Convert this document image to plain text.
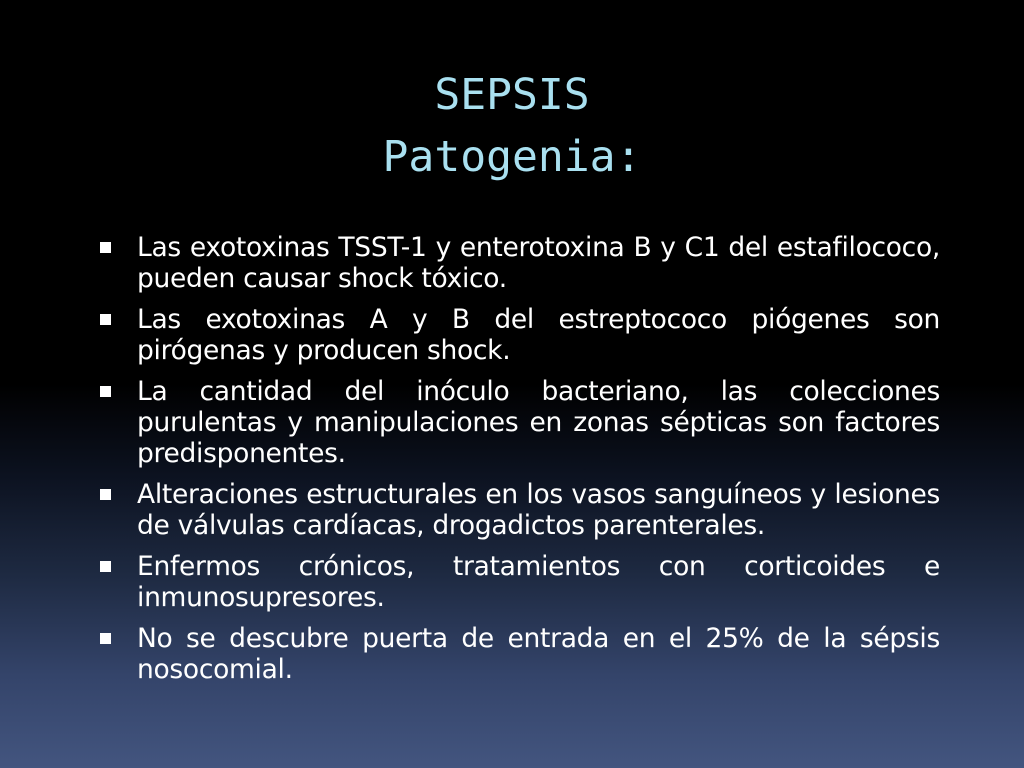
SEPSIS
Patogenia:
Las exotoxinas TSST-1 y enterotoxina B y C1 del estafilococo, pueden causar shock tóxico.
Las exotoxinas A y B del estreptococo piógenes son pirógenas y producen shock.
La cantidad del inóculo bacteriano, las colecciones purulentas y manipulaciones en zonas sépticas son factores predisponentes.
Alteraciones estructurales en los vasos sanguíneos y lesiones de válvulas cardíacas, drogadictos parenterales.
Enfermos crónicos, tratamientos con corticoides e inmunosupresores.
No se descubre puerta de entrada en el 25% de la sépsis nosocomial.
